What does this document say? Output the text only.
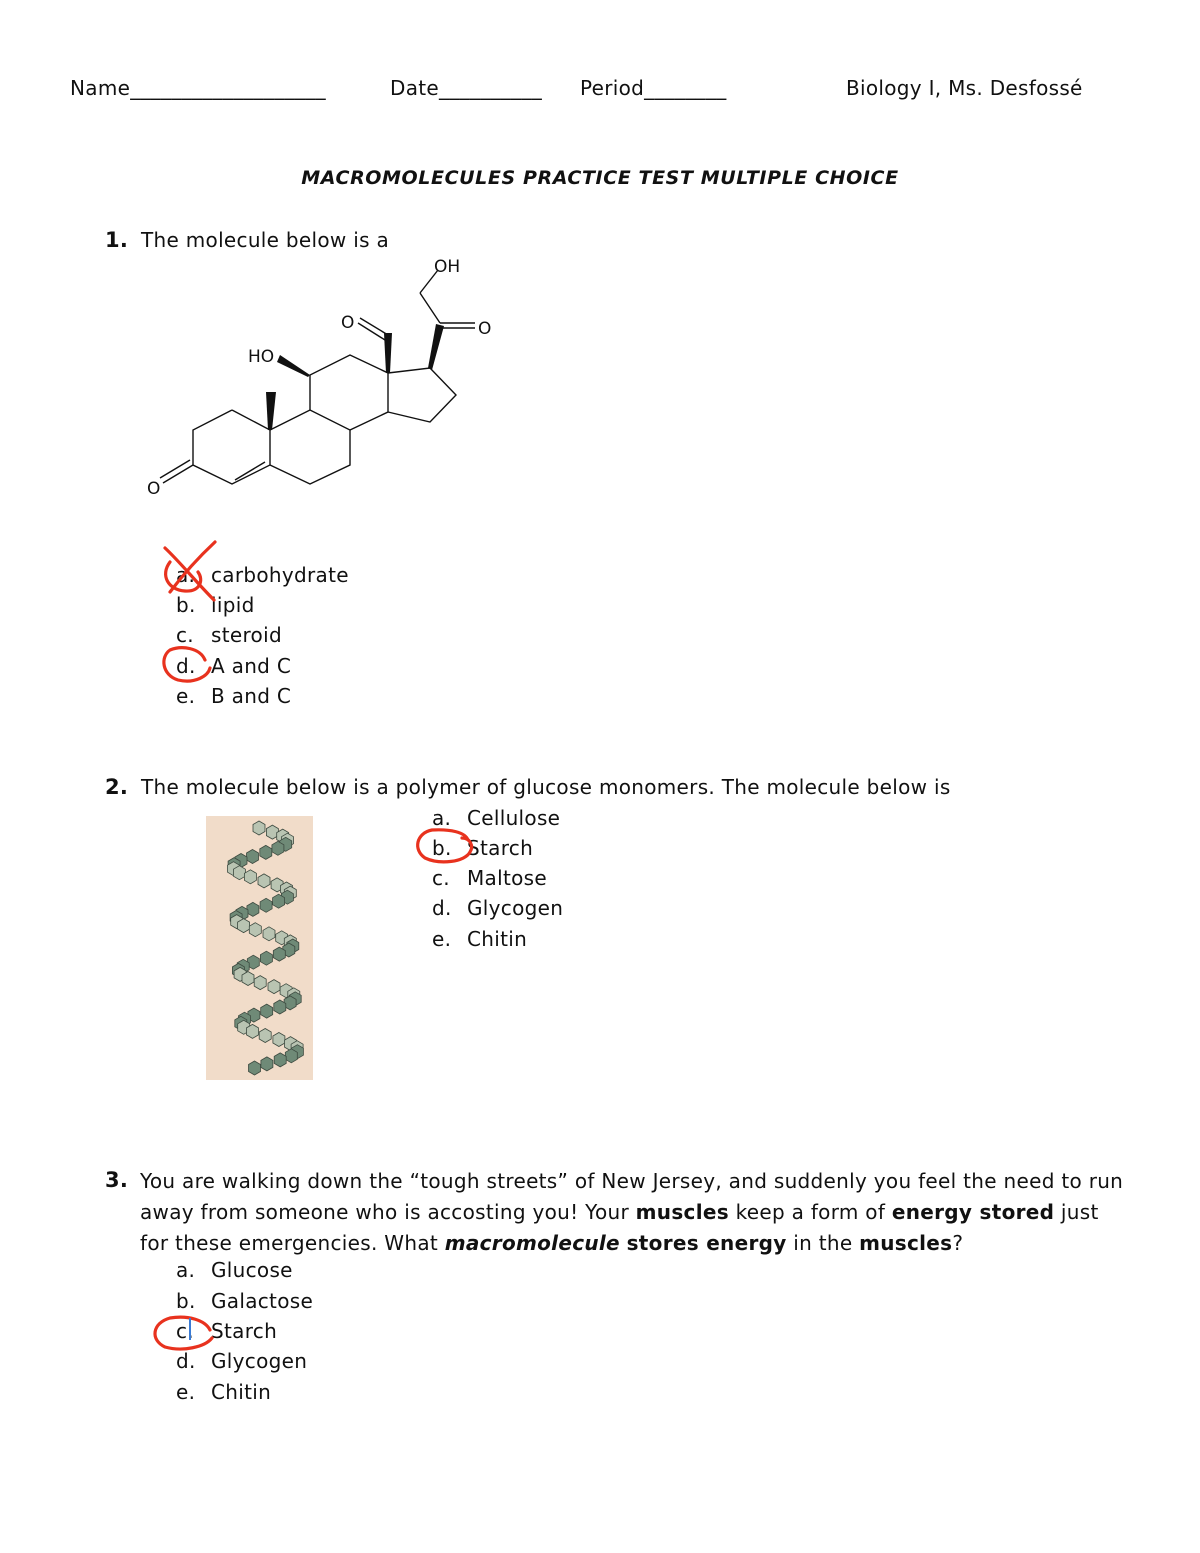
Name___________________	Date__________ Period________	Biology I, Ms. Desfossé
MACROMOLECULES PRACTICE TEST MULTIPLE CHOICE
1. The molecule below is a
OH
O	O
HO
O
a. carbohydrate
b. lipid
c. steroid
d. A and C
e. B and C
2. The molecule below is a polymer of glucose monomers. The molecule below is
a. Cellulose
b. Starch
c. Maltose
d. Glycogen
e. Chitin
3. You are walking down the “tough streets” of New Jersey, and suddenly you feel the need to run away from someone who is accosting you! Your muscles keep a form of energy stored just for these emergencies. What macromolecule stores energy in the muscles?
a. Glucose
b. Galactose
c. Starch
d. Glycogen
e. Chitin
